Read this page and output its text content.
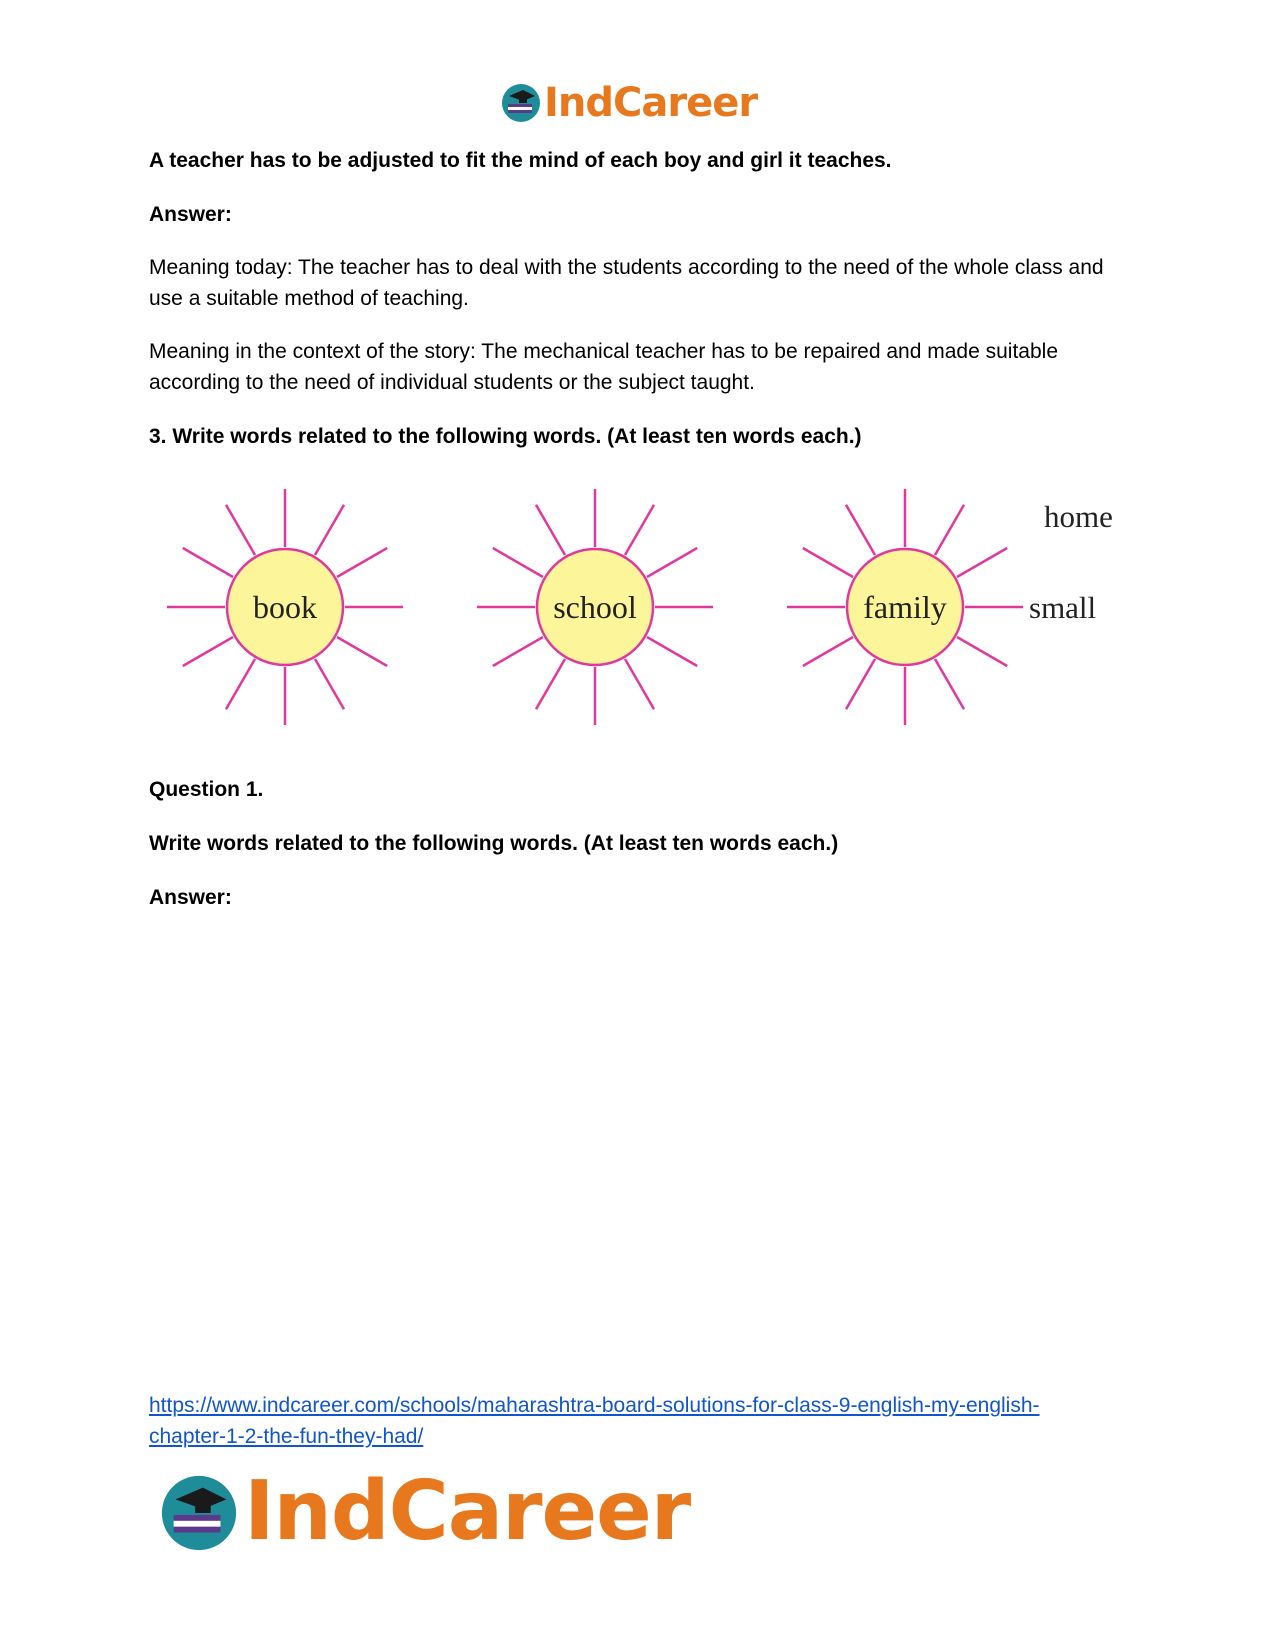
IndCareer
A teacher has to be adjusted to fit the mind of each boy and girl it teaches.
Answer:
Meaning today: The teacher has to deal with the students according to the need of the whole class and use a suitable method of teaching.
Meaning in the context of the story: The mechanical teacher has to be repaired and made suitable according to the need of individual students or the subject taught.
3. Write words related to the following words. (At least ten words each.)
book	school	family
home
small
Question 1.
Write words related to the following words. (At least ten words each.)
Answer:
https://www.indcareer.com/schools/maharashtra-board-solutions-for-class-9-english-my-english-
chapter-1-2-the-fun-they-had/
IndCareer
